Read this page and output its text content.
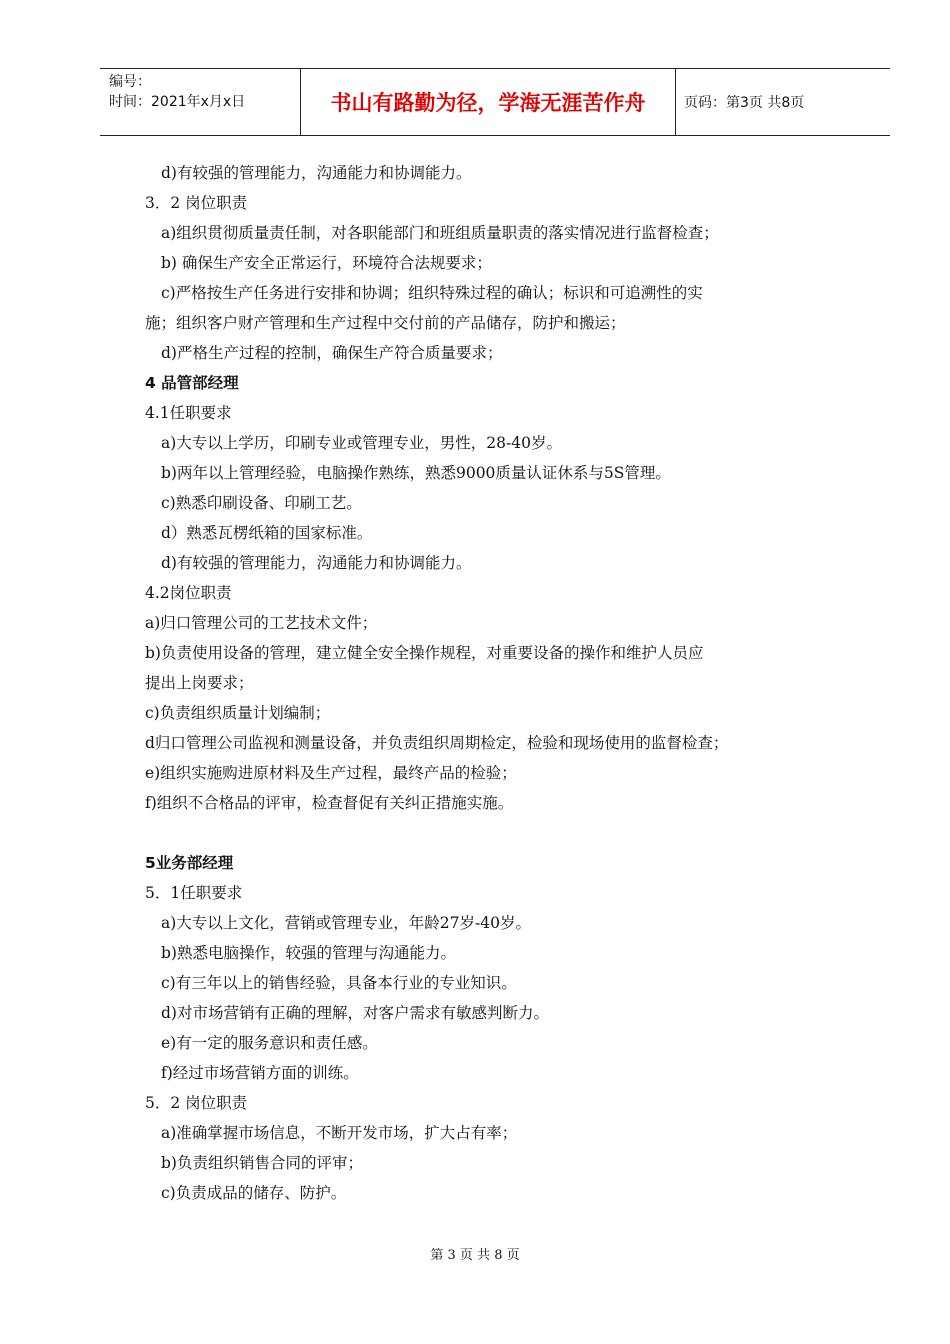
编号：
时间：2021年x月x日	书山有路勤为径，学海无涯苦作舟	页码：第3页 共8页
d)有较强的管理能力，沟通能力和协调能力。
3．2 岗位职责
a)组织贯彻质量责任制，对各职能部门和班组质量职责的落实情况进行监督检查；
b) 确保生产安全正常运行，环境符合法规要求；
c)严格按生产任务进行安排和协调；组织特殊过程的确认；标识和可追溯性的实
施；组织客户财产管理和生产过程中交付前的产品储存，防护和搬运；
d)严格生产过程的控制，确保生产符合质量要求；
4 品管部经理
4.1任职要求
a)大专以上学历，印刷专业或管理专业，男性，28-40岁。
b)两年以上管理经验，电脑操作熟练，熟悉9000质量认证休系与5S管理。
c)熟悉印刷设备、印刷工艺。
d）熟悉瓦楞纸箱的国家标准。
d)有较强的管理能力，沟通能力和协调能力。
4.2岗位职责
a)归口管理公司的工艺技术文件；
b)负责使用设备的管理，建立健全安全操作规程，对重要设备的操作和维护人员应
提出上岗要求；
c)负责组织质量计划编制；
d归口管理公司监视和测量设备，并负责组织周期检定，检验和现场使用的监督检查；
e)组织实施购进原材料及生产过程，最终产品的检验；
f)组织不合格品的评审，检查督促有关纠正措施实施。
5业务部经理
5．1任职要求
a)大专以上文化，营销或管理专业，年龄27岁-40岁。
b)熟悉电脑操作，较强的管理与沟通能力。
c)有三年以上的销售经验，具备本行业的专业知识。
d)对市场营销有正确的理解，对客户需求有敏感判断力。
e)有一定的服务意识和责任感。
f)经过市场营销方面的训练。
5．2 岗位职责
a)准确掌握市场信息，不断开发市场，扩大占有率；
b)负责组织销售合同的评审；
c)负责成品的储存、防护。
第 3 页 共 8 页
